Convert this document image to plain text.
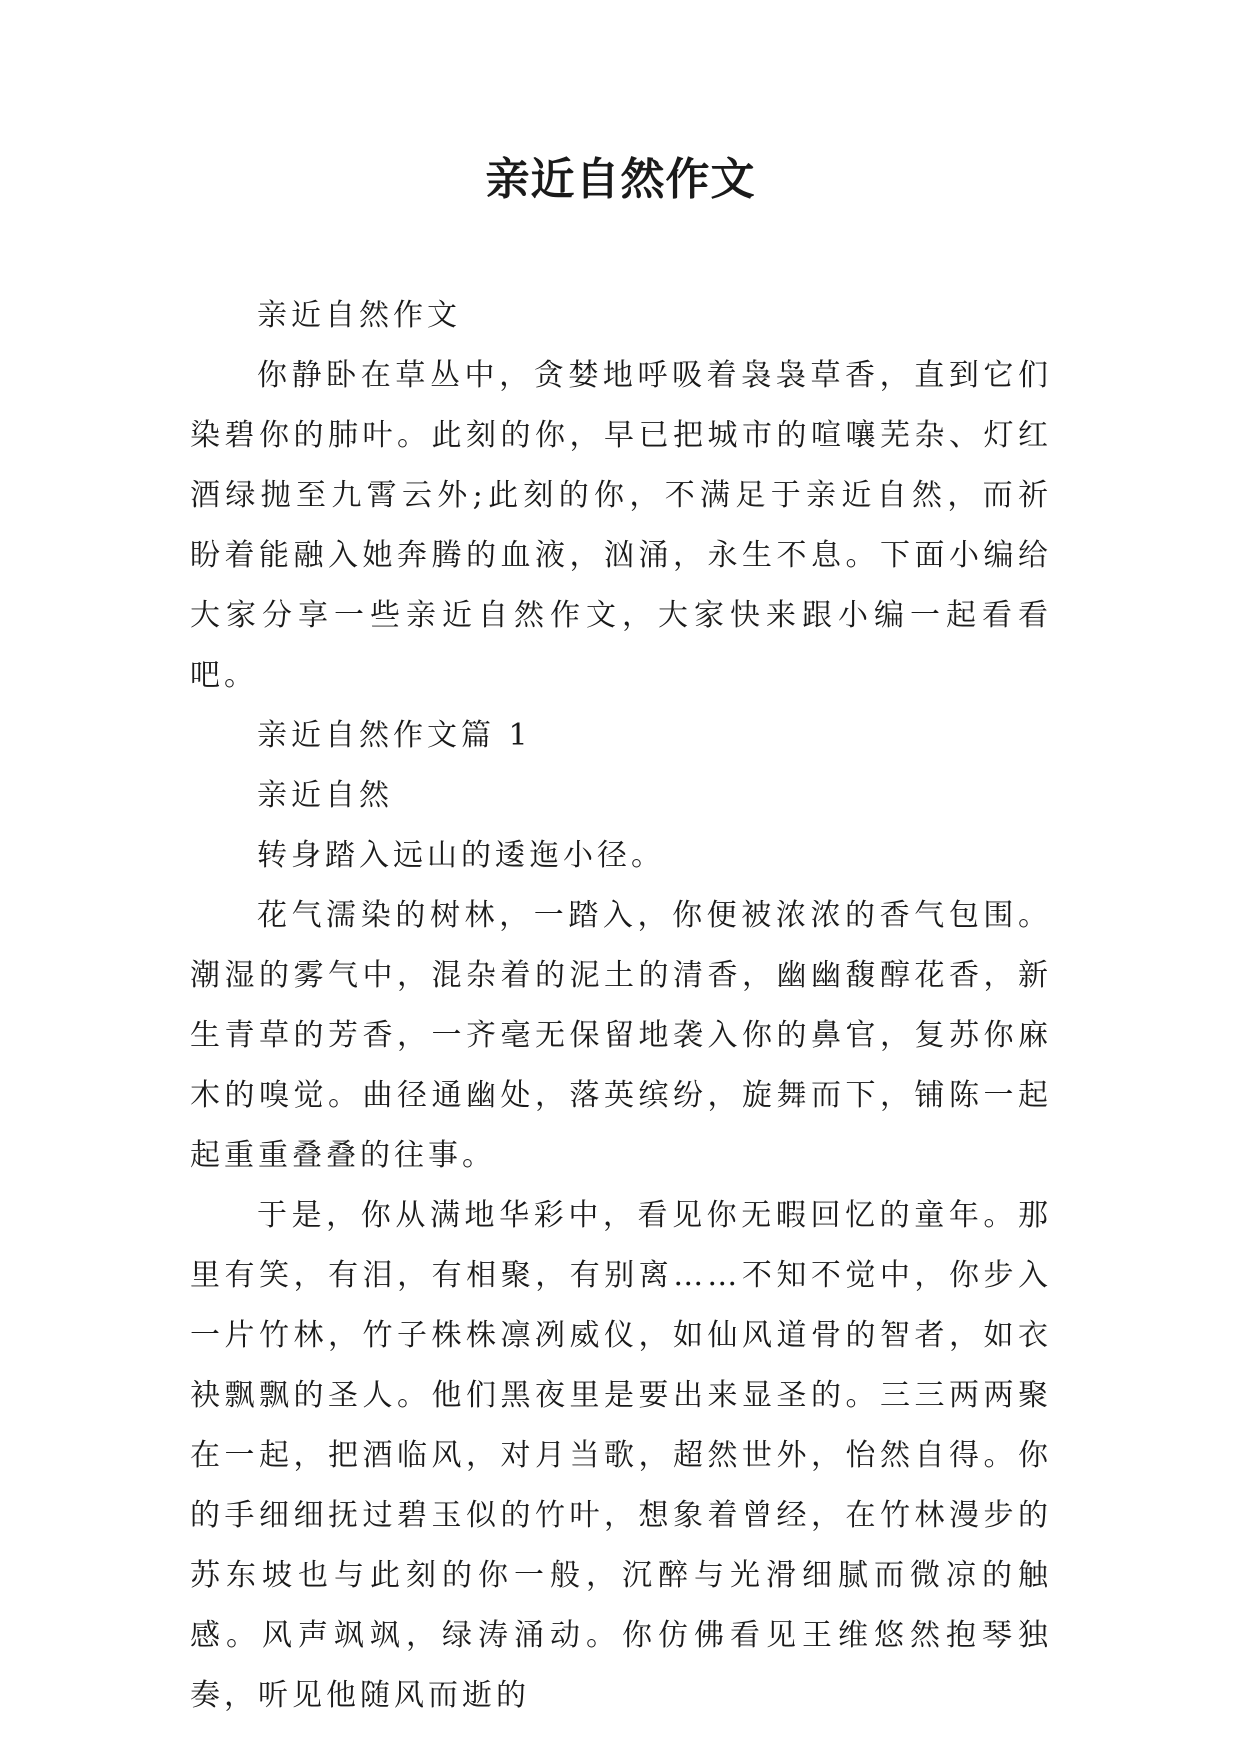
亲近自然作文

亲近自然作文

你静卧在草丛中，贪婪地呼吸着袅袅草香，直到它们染碧你的肺叶。此刻的你，早已把城市的喧嚷芜杂、灯红酒绿抛至九霄云外;此刻的你，不满足于亲近自然，而祈盼着能融入她奔腾的血液，汹涌，永生不息。下面小编给大家分享一些亲近自然作文，大家快来跟小编一起看看吧。

亲近自然作文篇 1

亲近自然

转身踏入远山的逶迤小径。

花气濡染的树林，一踏入，你便被浓浓的香气包围。潮湿的雾气中，混杂着的泥土的清香，幽幽馥醇花香，新生青草的芳香，一齐毫无保留地袭入你的鼻官，复苏你麻木的嗅觉。曲径通幽处，落英缤纷，旋舞而下，铺陈一起起重重叠叠的往事。

于是，你从满地华彩中，看见你无暇回忆的童年。那里有笑，有泪，有相聚，有别离……不知不觉中，你步入一片竹林，竹子株株凛冽威仪，如仙风道骨的智者，如衣袂飘飘的圣人。他们黑夜里是要出来显圣的。三三两两聚在一起，把酒临风，对月当歌，超然世外，怡然自得。你的手细细抚过碧玉似的竹叶，想象着曾经，在竹林漫步的苏东坡也与此刻的你一般，沉醉与光滑细腻而微凉的触感。风声飒飒，绿涛涌动。你仿佛看见王维悠然抱琴独奏，听见他随风而逝的
